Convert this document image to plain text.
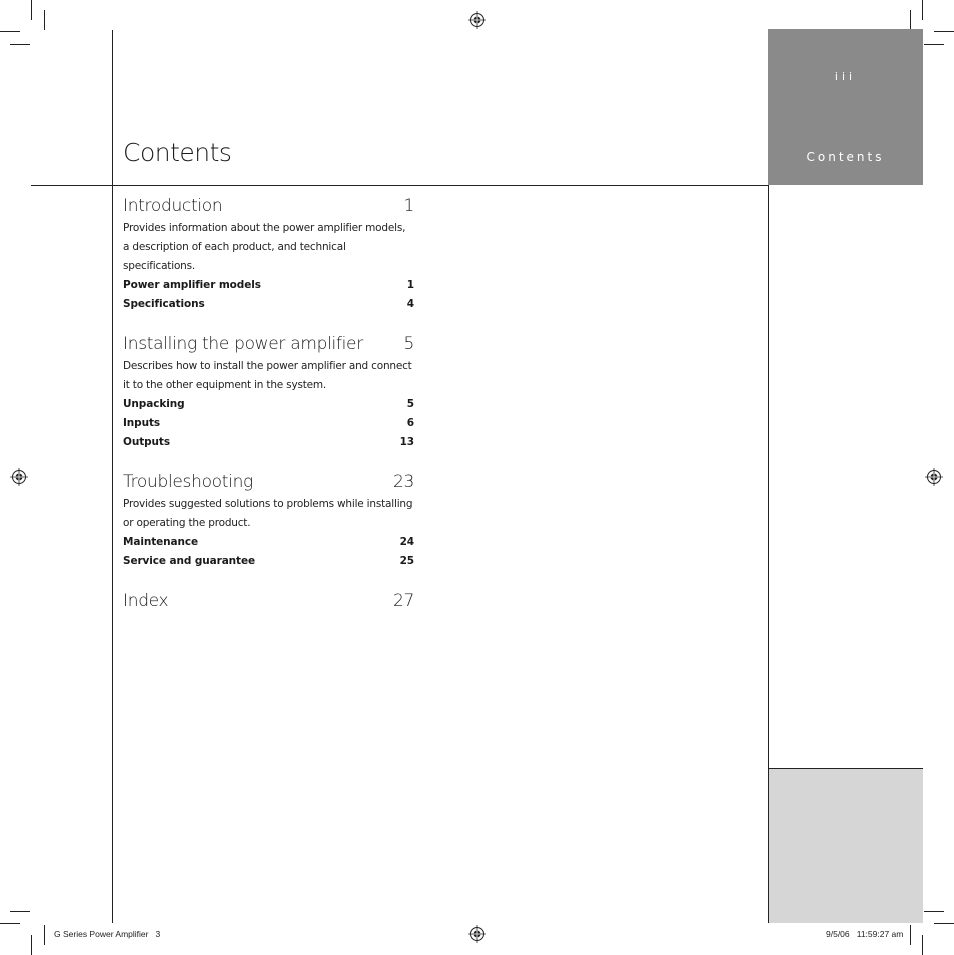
iii
Contents
Contents
Introduction	1
Provides information about the power amplifier models, a description of each product, and technical specifications.
Power amplifier models	1
Specifications	4
Installing the power amplifier 5
Describes how to install the power amplifier and connect it to the other equipment in the system.
Unpacking	5
Inputs	6
Outputs	13
Troubleshooting	23
Provides suggested solutions to problems while installing or operating the product.
Maintenance	24
Service and guarantee	25
Index	27
G Series Power Amplifier   3	9/5/06   11:59:27 am
